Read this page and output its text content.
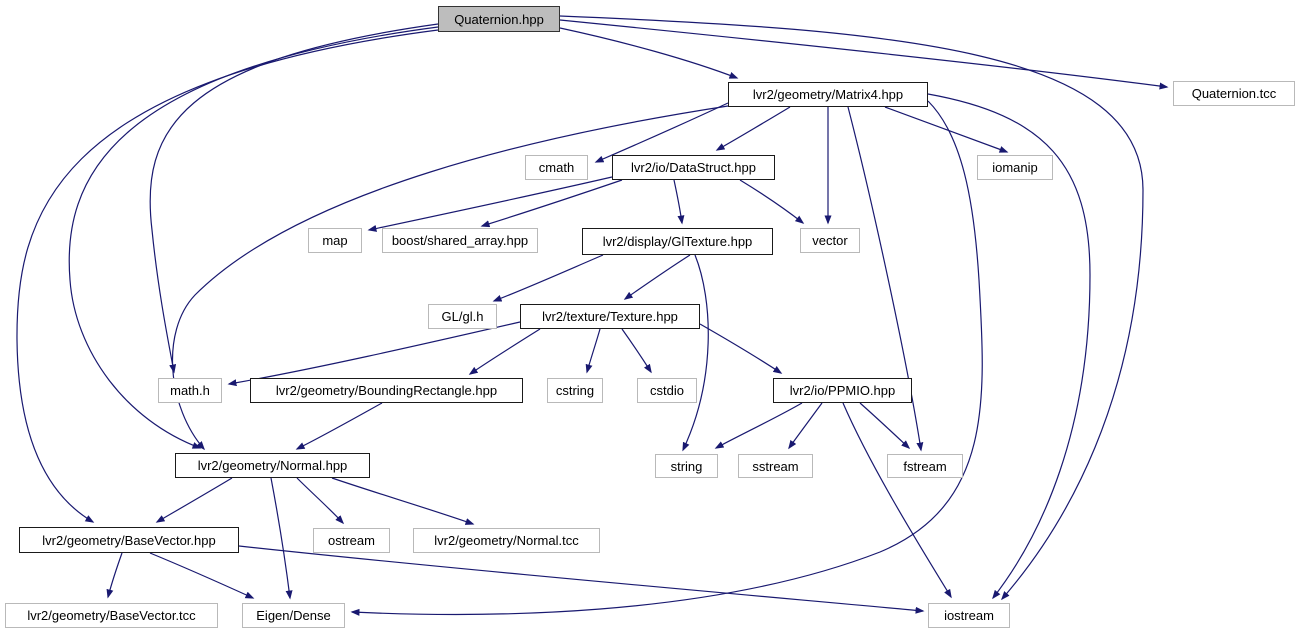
Quaternion.hpp
lvr2/geometry/Matrix4.hpp	Quaternion.tcc
cmath	lvr2/io/DataStruct.hpp	iomanip
map	boost/shared_array.hpp	lvr2/display/GlTexture.hpp	vector
GL/gl.h	lvr2/texture/Texture.hpp
math.h	lvr2/geometry/BoundingRectangle.hpp	cstring	cstdio	lvr2/io/PPMIO.hpp
lvr2/geometry/Normal.hpp	string	sstream	fstream
lvr2/geometry/BaseVector.hpp	ostream	lvr2/geometry/Normal.tcc
lvr2/geometry/BaseVector.tcc	Eigen/Dense	iostream
